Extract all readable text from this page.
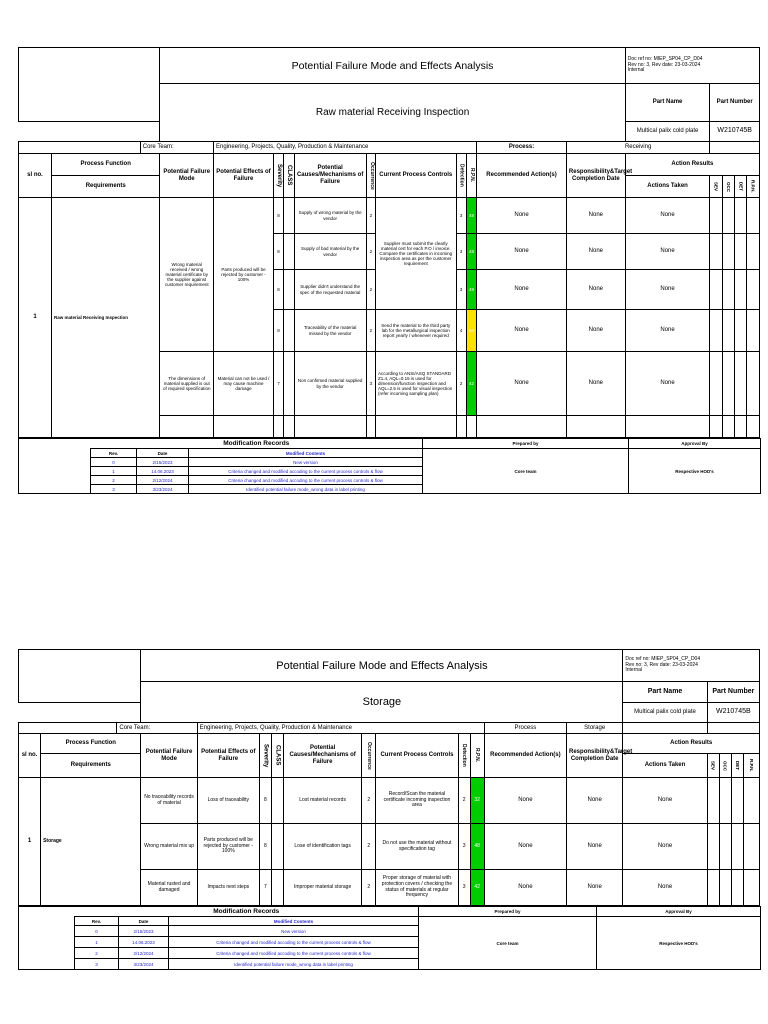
			Potential Failure Mode and Effects Analysis											Doc ref no: MIEP_SP04_CP_D04
Rev no: 3, Rev date: 23-03-2024
Internal				

			Raw material Receiving Inspection											Part Name	Part Number			
														Multical palix cold plate	W210745B			
		Core Team:		Engineering, Projects, Quality, Production & Maintenance								Process:	Receiving					
sl no.	Process Function		Potential Failure Mode	Potential Effects of Failure	Severity	CLASS	Potential Causes/Mechanisms of Failure	Occurrence	Current Process Controls	Detection	R.P.N.	Recommended Action(s)	Responsibility&Target Completion Date	Action Results				
	Requirements													Actions Taken	SEV	OCC	DET	R.P.N.

1	Raw material Receiving Inspection		Wrong material received / wrong material certificate by the supplier against customer requirement	Parts produced will be rejected by customer - 100%	8		Supply of wrong material by the vendor	2	Supplier must submit the clearly material cert for each P.O / invoice. Compare the certificates in incoming inspection area as per the customer requirement	3	48	None	None	None				
					8		Supply of bad material by the vendor	2		3	48	None	None	None				
					8		Supplier didn't understand the spec of the requested material	2		3	48	None	None	None				
					8		Traceability of the material missed by the vendor	2	Send the material to the third party lab for the metallurgical inspection report yearly / whenever required	4	64	None	None	None				
			The dimensions of material supplied is out of required specification	Material can not be used / may cause machine damage	7		Non confirmed material supplied by the vendor	3	According to ANSI/ASQ STANDARD Z1.4, AQL=0.15 is used for dimension/function inspection and AQL=2.5 is used for visual inspection (refer incoming sampling plan)	2	42	None	None	None				

	Modification Records			Prepared by	Approval By
	Rev.	Date	Modified Contents	Core team	Respective HOD's
	0	2/15/2023	New version		
	1	14.06.2023	Criteria changed and modified accoding to the current process controls & flow		
	2	2/12/2024	Criteria changed and modified accoding to the current process controls & flow		
	3	3/23/2024	Identified potential failure mode_wrong data in label printing		
			Potential Failure Mode and Effects Analysis											Doc ref no: MIEP_SP04_CP_D04
Rev no: 3, Rev date: 23-03-2024
Internal				

			Storage											Part Name	Part Number			
														Multical palix cold plate	W210745B			
		Core Team:		Engineering, Projects, Quality, Production & Maintenance								Process	Storage					
sl no.	Process Function		Potential Failure Mode	Potential Effects of Failure	Severity	CLASS	Potential Causes/Mechanisms of Failure	Occurrence	Current Process Controls	Detection	R.P.N.	Recommended Action(s)	Responsibility&Target Completion Date	Action Results				
	Requirements													Actions Taken	SEV	OCC	DET	R.P.N.

1	Storage		No traceability records of material	Loss of traceability	8		Lost material records	2	Record/Scan the material certificate incoming inspection area	2	32	None	None	None				
			Wrong material mix up	Parts produced will be rejected by customer - 100%	8		Lose of identification tags	2	Do not use the material without specification tag	3	48	None	None	None				
			Material rusted and damaged	Impacts next steps	7		Improper material storage	2	Proper storage of material with protection covers / checking the status of materials at regular frequency	3	42	None	None	None				
	Modification Records			Prepared by	Approval By
	Rev.	Date	Modified Contents	Core team	Respective HOD's
	0	2/15/2023	New version		
	1	14.06.2023	Criteria changed and modified accoding to the current process controls & flow		
	2	2/12/2024	Criteria changed and modified accoding to the current process controls & flow		
	3	3/23/2024	Identified potential failure mode_wrong data in label printing		
